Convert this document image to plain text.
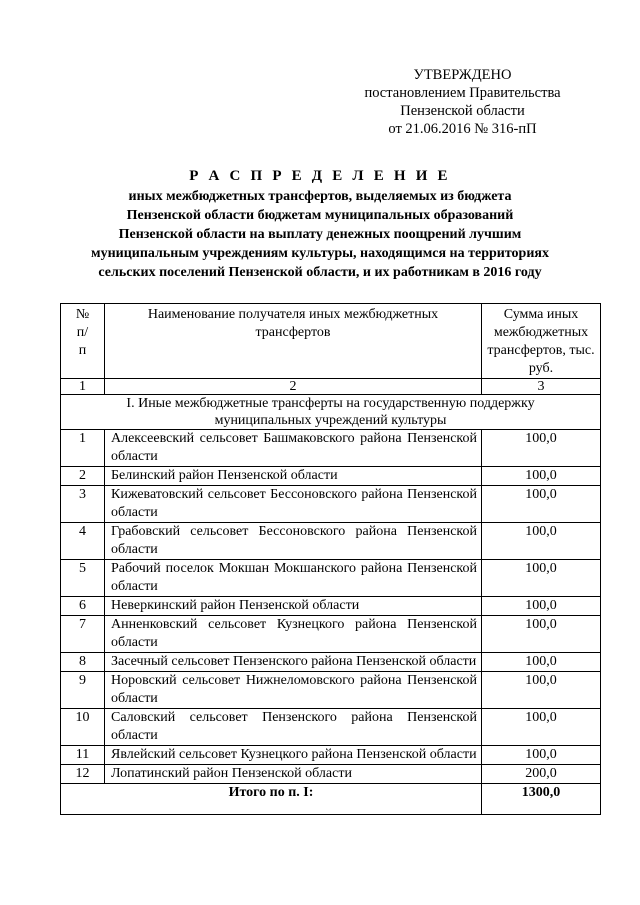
УТВЕРЖДЕНО
постановлением Правительства
Пензенской области
от 21.06.2016 № 316-пП
Р А С П Р Е Д Е Л Е Н И Е
иных межбюджетных трансфертов, выделяемых из бюджета
Пензенской области бюджетам муниципальных образований
Пензенской области на выплату денежных поощрений лучшим
муниципальным учреждениям культуры, находящимся на территориях
сельских поселений Пензенской области, и их работникам в 2016 году
№ п/п	Наименование получателя иных межбюджетных трансфертов	Сумма иных межбюджетных трансфертов, тыс. руб.
1	2	3
I. Иные межбюджетные трансферты на государственную поддержку муниципальных учреждений культуры		
1	Алексеевский сельсовет Башмаковского района Пензенской области	100,0
2	Белинский район Пензенской области	100,0
3	Кижеватовский сельсовет Бессоновского района Пензенской области	100,0
4	Грабовский сельсовет Бессоновского района Пензенской области	100,0
5	Рабочий поселок Мокшан Мокшанского района Пензенской области	100,0
6	Неверкинский район Пензенской области	100,0
7	Анненковский сельсовет Кузнецкого района Пензенской области	100,0
8	Засечный сельсовет Пензенского района Пензенской области	100,0
9	Норовский сельсовет Нижнеломовского района Пензенской области	100,0
10	Саловский сельсовет Пензенского района Пензенской области	100,0
11	Явлейский сельсовет Кузнецкого района Пензенской области	100,0
12	Лопатинский район Пензенской области	200,0
Итого по п. I:		1300,0
